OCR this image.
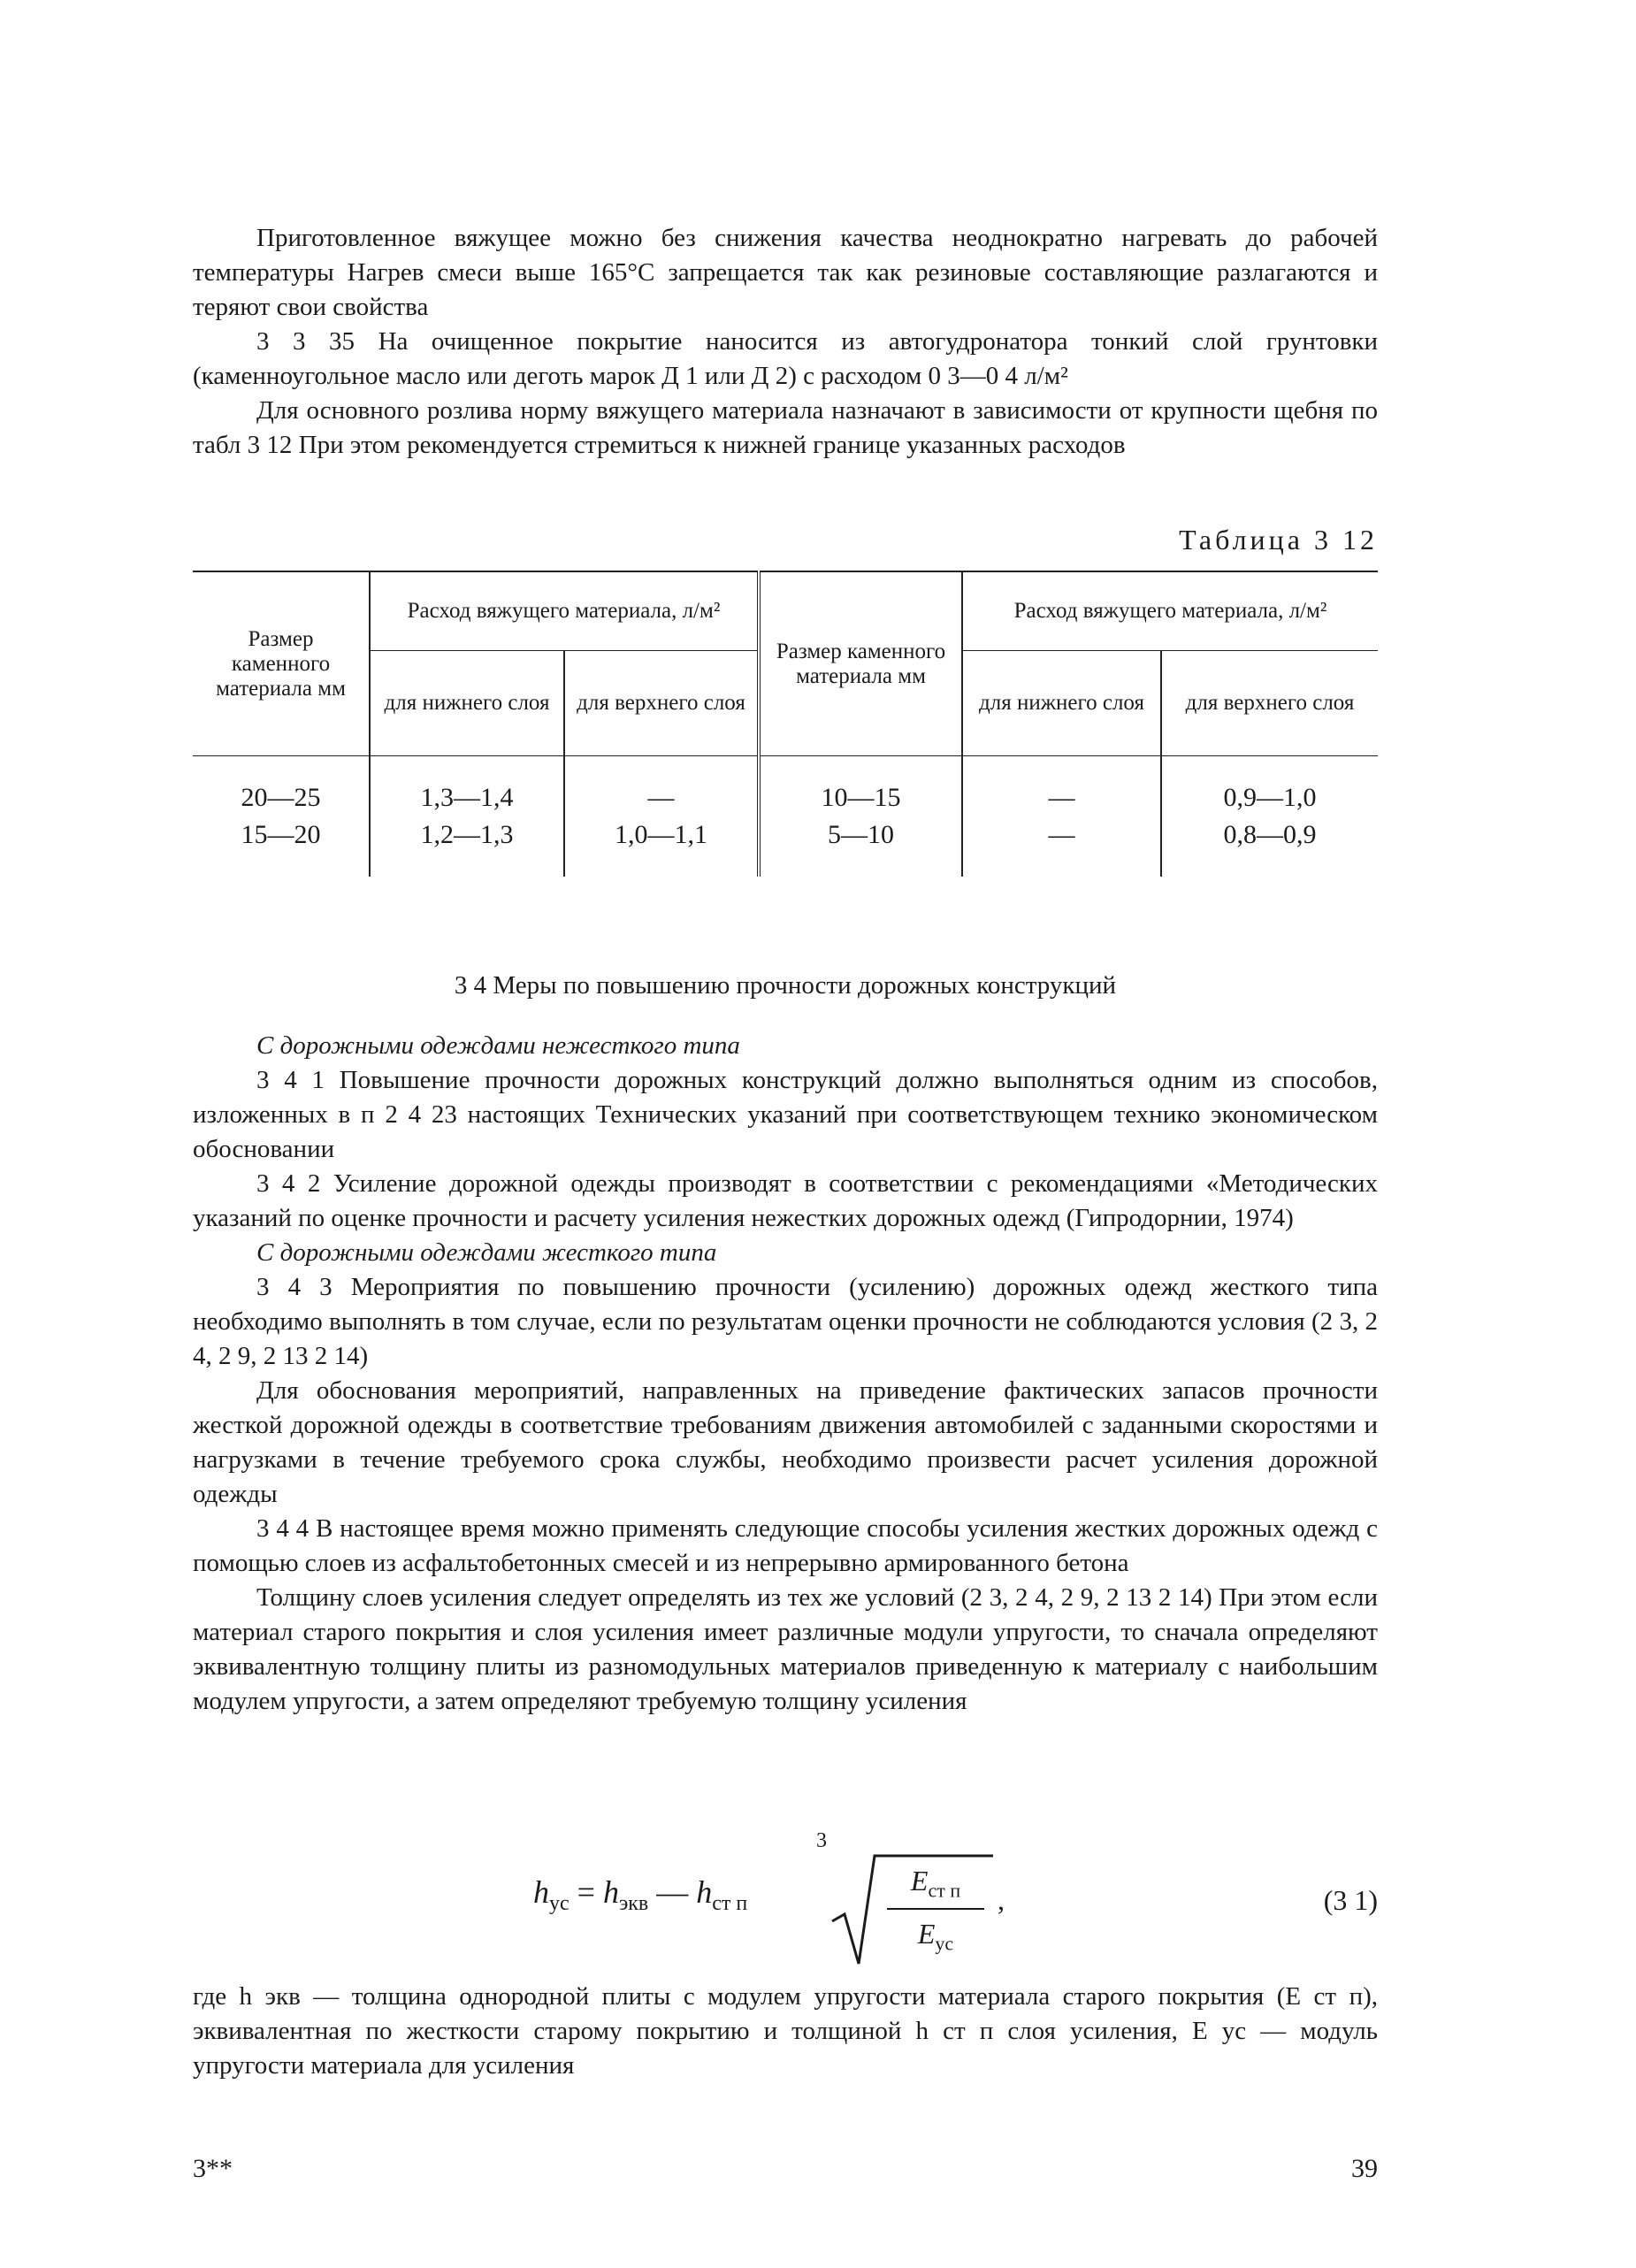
Приготовленное вяжущее можно без снижения качества неоднократно нагревать до рабочей температуры Нагрев смеси выше 165°С запрещается так как резиновые составляющие разлагаются и теряют свои свойства

3 3 35 На очищенное покрытие наносится из автогудронатора тонкий слой грунтовки (каменноугольное масло или деготь марок Д 1 или Д 2) с расходом 0 3—0 4 л/м²

Для основного розлива норму вяжущего материала назначают в зависимости от крупности щебня по табл 3 12 При этом рекомендуется стремиться к нижней границе указанных расходов

Таблица 3 12
Размер каменного материала мм	Расход вяжущего материала, л/м²		Размер каменного материала мм	Расход вяжущего материала, л/м²	
	для нижнего слоя	для верхнего слоя		для нижнего слоя	для верхнего слоя
20—25	1,3—1,4	—	10—15	—	0,9—1,0
15—20	1,2—1,3	1,0—1,1	5—10	—	0,8—0,9
3 4 Меры по повышению прочности дорожных конструкций

С дорожными одеждами нежесткого типа

3 4 1 Повышение прочности дорожных конструкций должно выполняться одним из способов, изложенных в п 2 4 23 настоящих Технических указаний при соответствующем технико экономическом обосновании

3 4 2 Усиление дорожной одежды производят в соответствии с рекомендациями «Методических указаний по оценке прочности и расчету усиления нежестких дорожных одежд (Гипродорнии, 1974)

С дорожными одеждами жесткого типа

3 4 3 Мероприятия по повышению прочности (усилению) дорожных одежд жесткого типа необходимо выполнять в том случае, если по результатам оценки прочности не соблюдаются условия (2 3, 2 4, 2 9, 2 13 2 14)

Для обоснования мероприятий, направленных на приведение фактических запасов прочности жесткой дорожной одежды в соответствие требованиям движения автомобилей с заданными скоростями и нагрузками в течение требуемого срока службы, необходимо произвести расчет усиления дорожной одежды

3 4 4 В настоящее время можно применять следующие способы усиления жестких дорожных одежд с помощью слоев из асфальтобетонных смесей и из непрерывно армированного бетона

Толщину слоев усиления следует определять из тех же условий (2 3, 2 4, 2 9, 2 13 2 14) При этом если материал старого покрытия и слоя усиления имеет различные модули упругости, то сначала определяют эквивалентную толщину плиты из разномодульных материалов приведенную к материалу с наибольшим модулем упругости, а затем определяют требуемую толщину усиления

$h_{ус} = h_{экв}$ — $h_{ст п}$
3
$E_{ст п}$
$E_{ус}$
,	(3 1)

где h экв — толщина однородной плиты с модулем упругости материала старого покрытия (E ст п), эквивалентная по жесткости старому покрытию и толщиной h ст п слоя усиления, E ус — модуль упругости материала для усиления

3**	39
